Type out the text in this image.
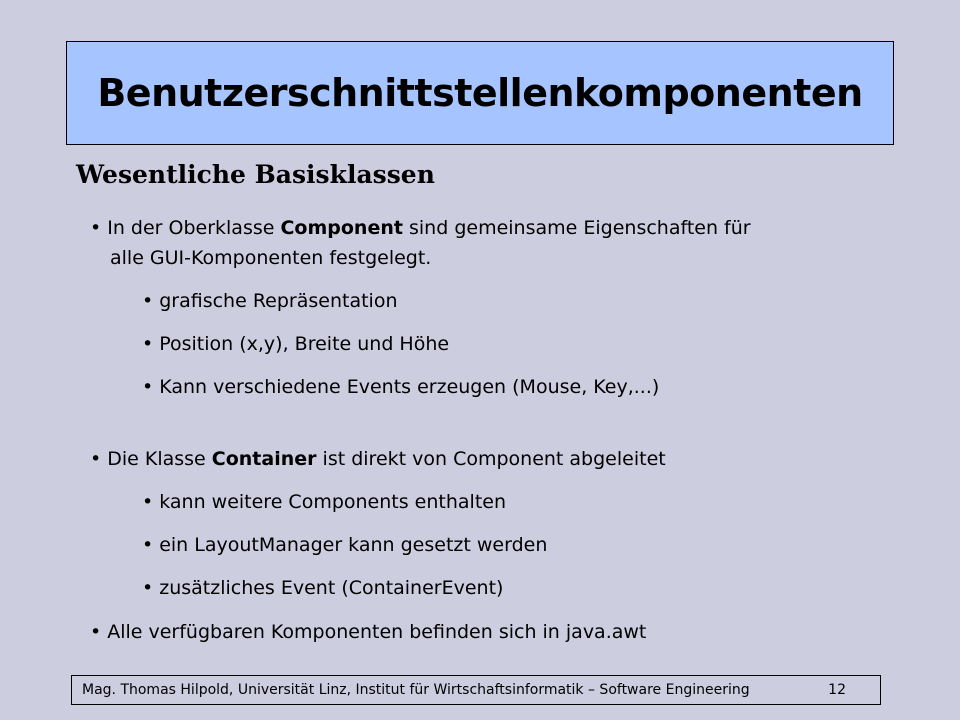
Benutzerschnittstellenkomponenten
Wesentliche Basisklassen
• In der Oberklasse Component sind gemeinsame Eigenschaften für
alle GUI-Komponenten festgelegt.
• grafische Repräsentation
• Position (x,y), Breite und Höhe
• Kann verschiedene Events erzeugen (Mouse, Key,...)
• Die Klasse Container ist direkt von Component abgeleitet
• kann weitere Components enthalten
• ein LayoutManager kann gesetzt werden
• zusätzliches Event (ContainerEvent)
• Alle verfügbaren Komponenten befinden sich in java.awt
Mag. Thomas Hilpold, Universität Linz, Institut für Wirtschaftsinformatik – Software Engineering	12
